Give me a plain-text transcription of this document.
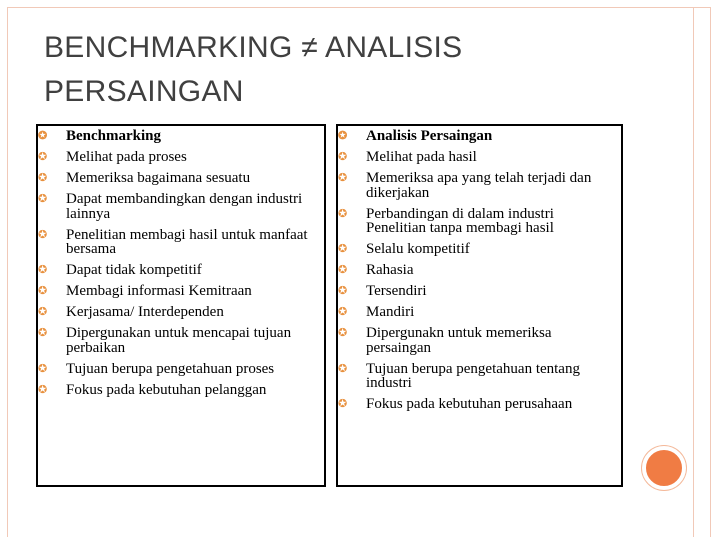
BENCHMARKING ≠ ANALISIS PERSAINGAN
✪
Benchmarking
✪
Melihat pada proses
✪
Memeriksa bagaimana sesuatu
✪
Dapat membandingkan dengan industri lainnya
✪
Penelitian membagi hasil untuk manfaat bersama
✪
Dapat tidak kompetitif
✪
Membagi informasi Kemitraan
✪
Kerjasama/ Interdependen
✪
Dipergunakan untuk mencapai tujuan perbaikan
✪
Tujuan berupa pengetahuan proses
✪
Fokus pada kebutuhan pelanggan
✪
Analisis Persaingan
✪
Melihat pada hasil
✪
Memeriksa apa yang telah terjadi dan dikerjakan
✪
Perbandingan di dalam industri Penelitian tanpa membagi hasil
✪
Selalu kompetitif
✪
Rahasia
✪
Tersendiri
✪
Mandiri
✪
Dipergunakn untuk memeriksa persaingan
✪
Tujuan berupa pengetahuan tentang industri
✪
Fokus pada kebutuhan perusahaan
